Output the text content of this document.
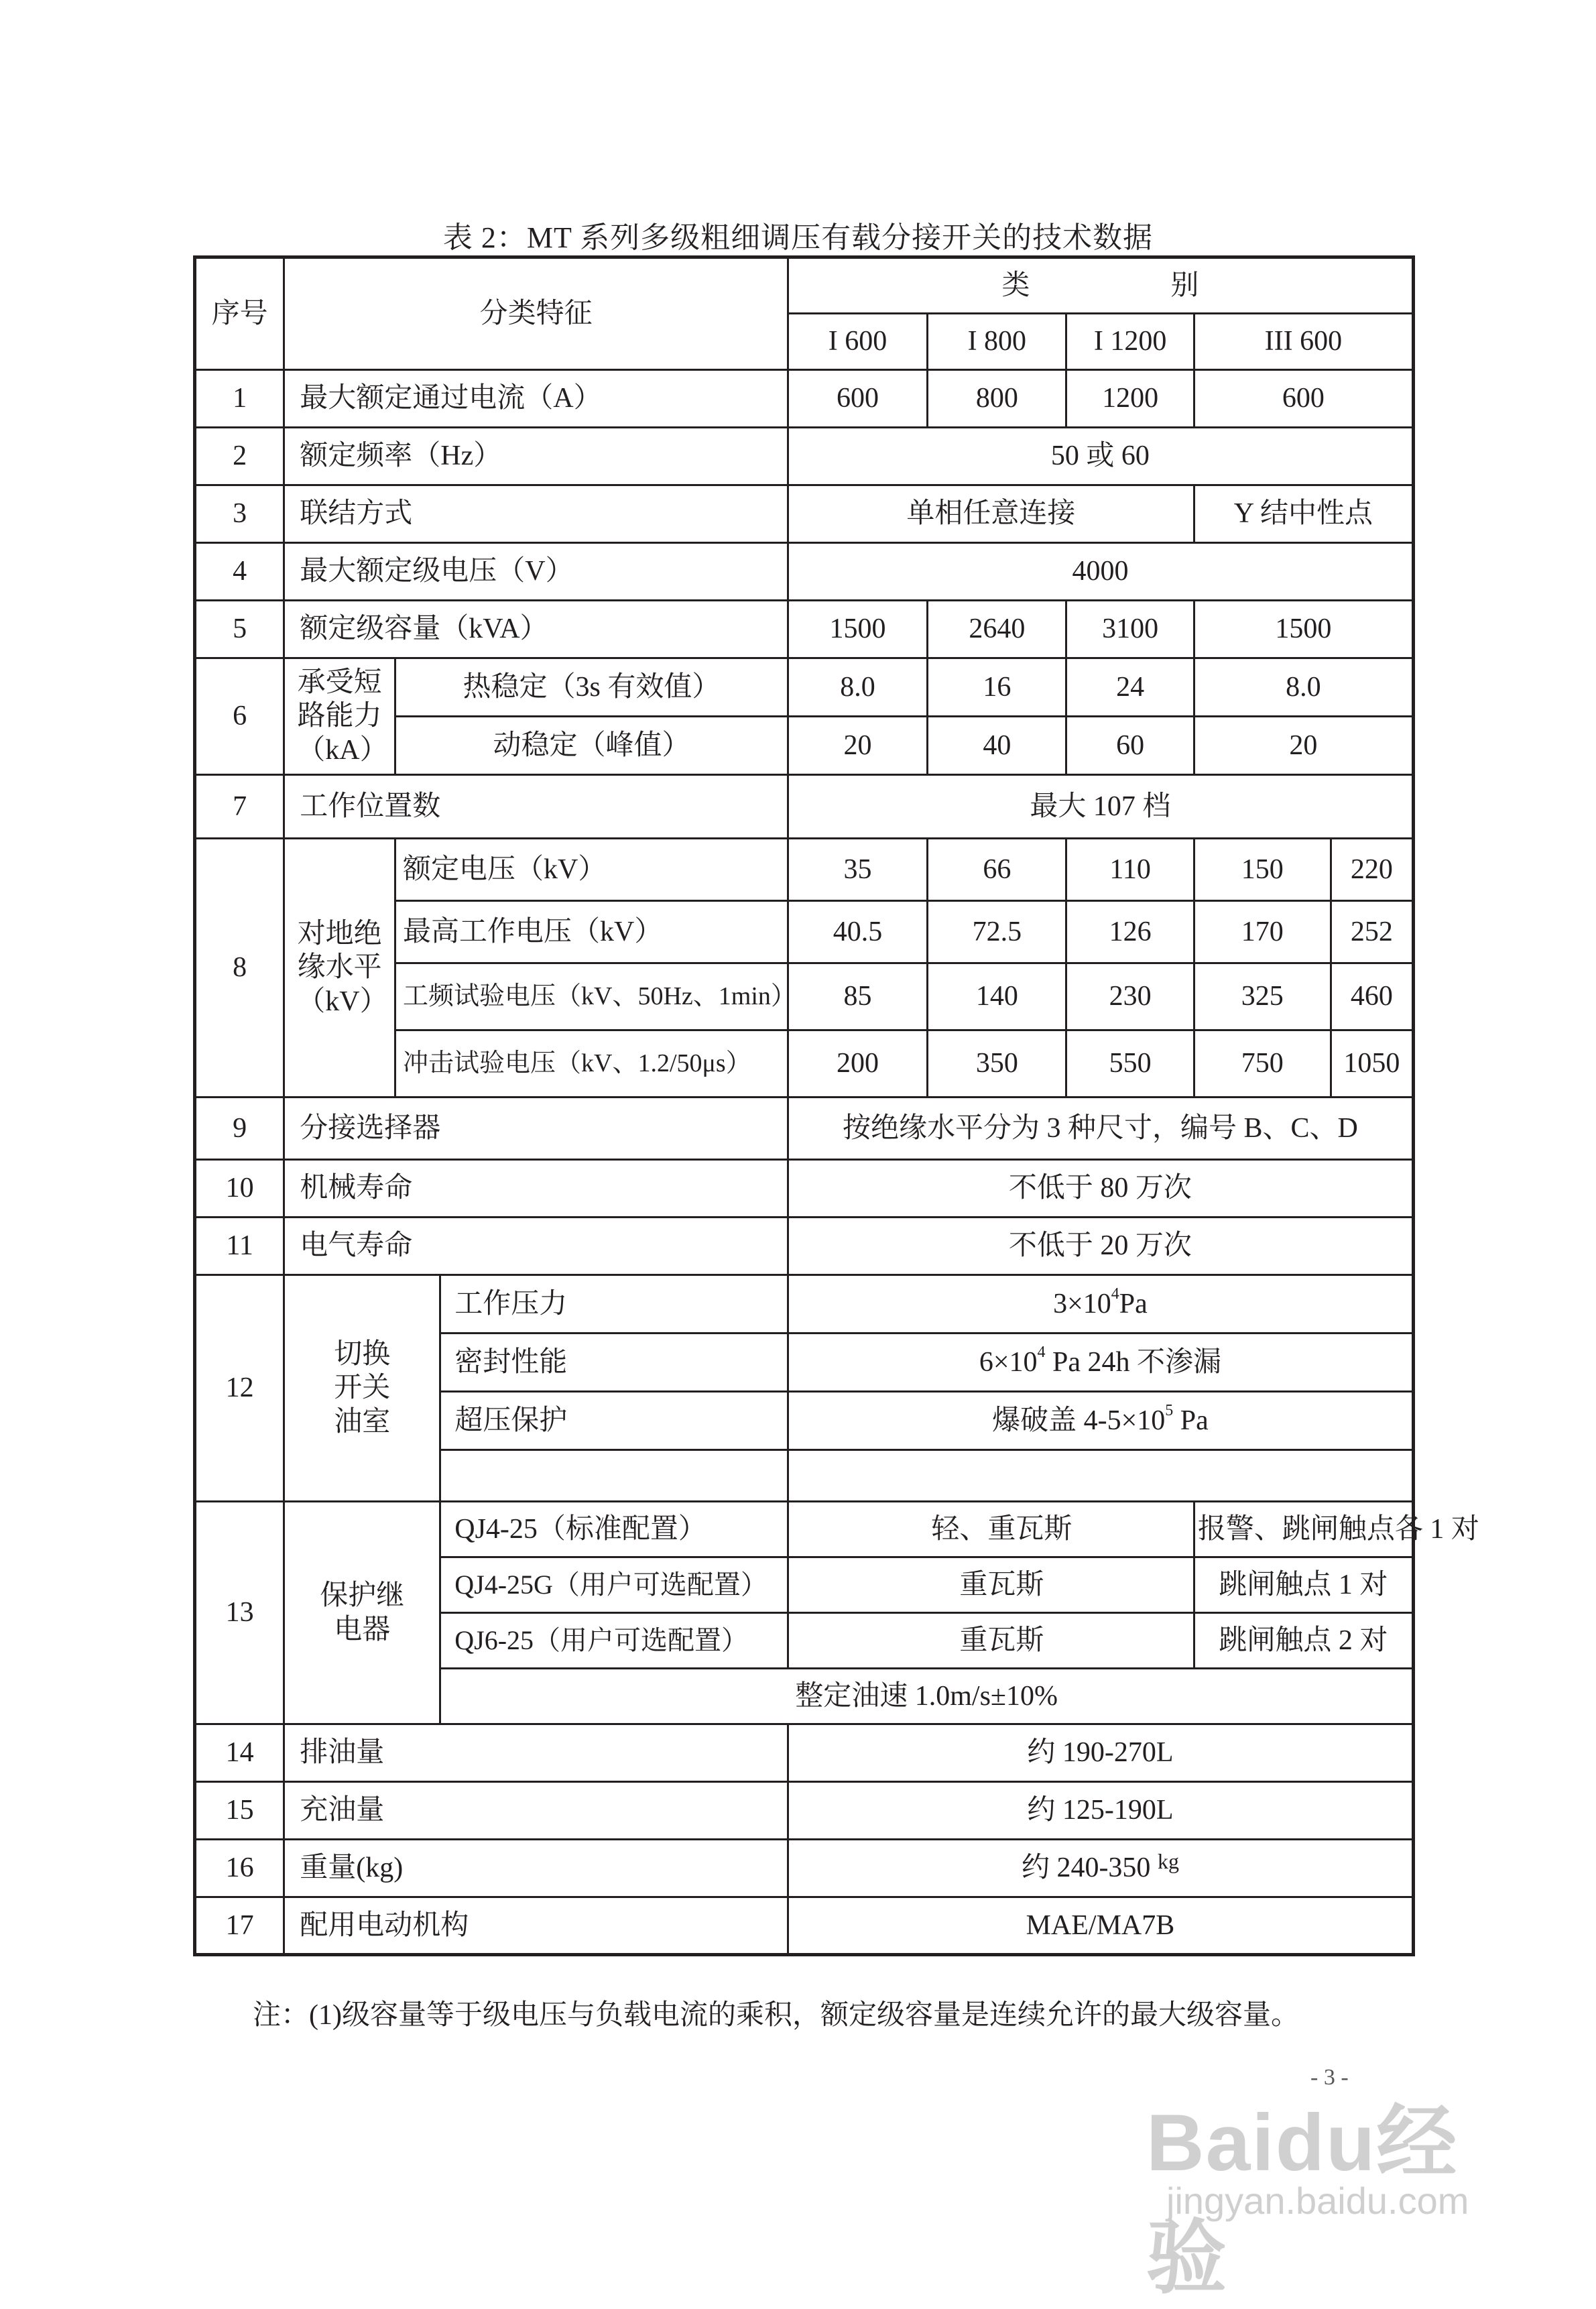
表 2：MT 系列多级粗细调压有载分接开关的技术数据
序号	分类特征			类　　　　　别				
				I 600	I 800	I 1200	III 600	
1	最大额定通过电流（A）			600	800	1200	600	
2	额定频率（Hz）			50 或 60				
3	联结方式			单相任意连接			Y 结中性点	
4	最大额定级电压（V）			4000				
5	额定级容量（kVA）			1500	2640	3100	1500	
6	承受短路能力（kA）	热稳定（3s 有效值）		8.0	16	24	8.0	
		动稳定（峰值）		20	40	60	20	
7	工作位置数			最大 107 档				
8	对地绝缘水平（kV）	额定电压（kV）		35	66	110	150	220
		最高工作电压（kV）		40.5	72.5	126	170	252
		工频试验电压（kV、50Hz、1min）		85	140	230	325	460
		冲击试验电压（kV、1.2/50μs）		200	350	550	750	1050
9	分接选择器			按绝缘水平分为 3 种尺寸，编号 B、C、D				
10	机械寿命			不低于 80 万次				
11	电气寿命			不低于 20 万次				
12	切换开关油室		工作压力	$3\times 10^4Pa$				
			密封性能	$6\times 10^4$ Pa 24h 不渗漏				
			超压保护	爆破盖 $4-5\times 10^5$ Pa				

13	保护继电器		QJ4-25（标准配置）	轻、重瓦斯			报警、跳闸触点各 1 对	
			QJ4-25G（用户可选配置）	重瓦斯			跳闸触点 1 对	
			QJ6-25（用户可选配置）	重瓦斯			跳闸触点 2 对	
			整定油速 1.0m/s±10%					
14	排油量			约 190-270L				
15	充油量			约 125-190L				
16	重量(kg)			约 240-350 $^{kg}$
17	配用电动机构			MAE/MA7B				
注：(1)级容量等于级电压与负载电流的乘积，额定级容量是连续允许的最大级容量。
- 3 -
Baidu经验
jingyan.baidu.com
